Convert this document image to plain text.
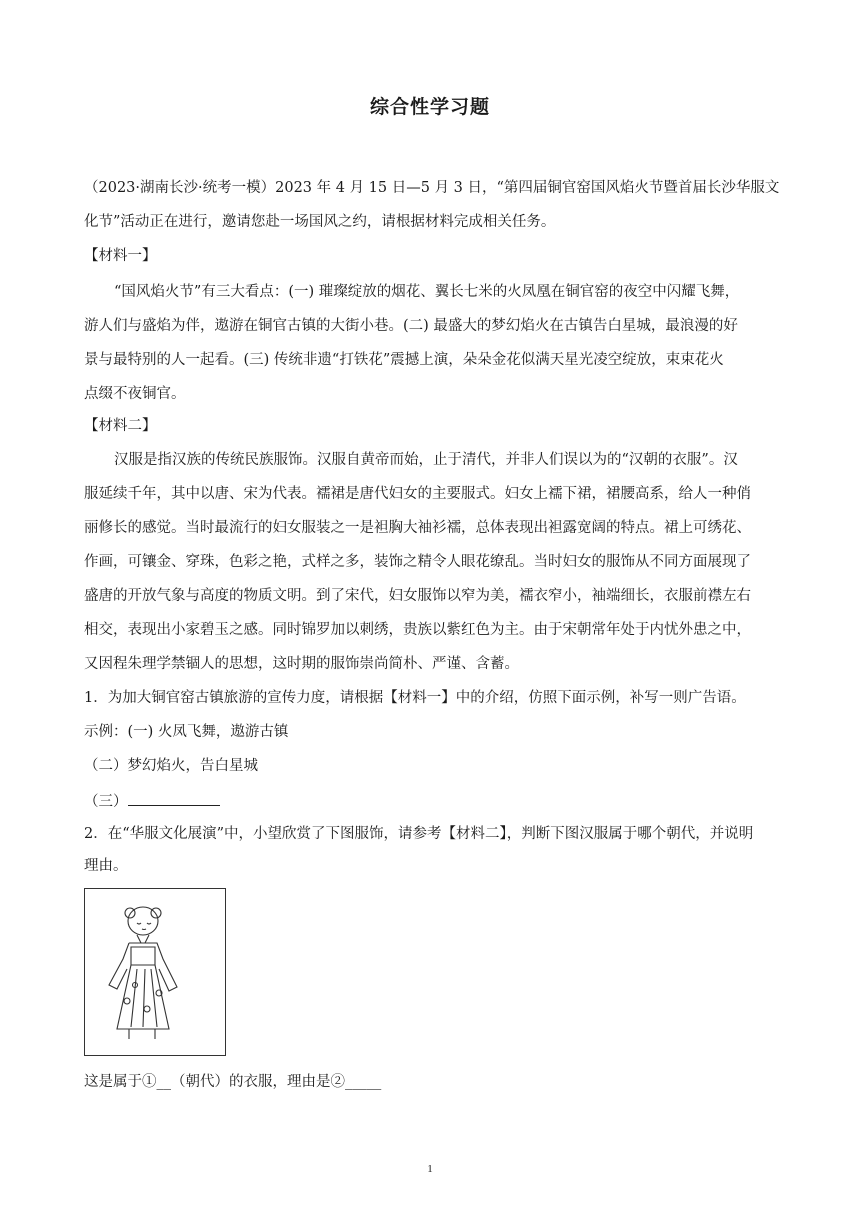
综合性学习题
（2023·湖南长沙·统考一模）2023 年 4 月 15 日—5 月 3 日，“第四届铜官窑国风焰火节暨首届长沙华服文
化节”活动正在进行，邀请您赴一场国风之约，请根据材料完成相关任务。
【材料一】
“国风焰火节”有三大看点：(一) 璀璨绽放的烟花、翼长七米的火凤凰在铜官窑的夜空中闪耀飞舞，
游人们与盛焰为伴，遨游在铜官古镇的大街小巷。(二) 最盛大的梦幻焰火在古镇告白星城，最浪漫的好
景与最特别的人一起看。(三) 传统非遗“打铁花”震撼上演，朵朵金花似满天星光凌空绽放，束束花火
点缀不夜铜官。
【材料二】
汉服是指汉族的传统民族服饰。汉服自黄帝而始，止于清代，并非人们误以为的“汉朝的衣服”。汉
服延续千年，其中以唐、宋为代表。襦裙是唐代妇女的主要服式。妇女上襦下裙，裙腰高系，给人一种俏
丽修长的感觉。当时最流行的妇女服装之一是袒胸大袖衫襦，总体表现出袒露宽阔的特点。裙上可绣花、
作画，可镶金、穿珠，色彩之艳，式样之多，装饰之精令人眼花缭乱。当时妇女的服饰从不同方面展现了
盛唐的开放气象与高度的物质文明。到了宋代，妇女服饰以窄为美，襦衣窄小，袖端细长，衣服前襟左右
相交，表现出小家碧玉之感。同时锦罗加以刺绣，贵族以紫红色为主。由于宋朝常年处于内忧外患之中，
又因程朱理学禁锢人的思想，这时期的服饰崇尚简朴、严谨、含蓄。
1．为加大铜官窑古镇旅游的宣传力度，请根据【材料一】中的介绍，仿照下面示例，补写一则广告语。
示例：(一) 火凤飞舞，遨游古镇
（二）梦幻焰火，告白星城
（三）
2．在“华服文化展演”中，小望欣赏了下图服饰，请参考【材料二】，判断下图汉服属于哪个朝代，并说明
理由。
这是属于①__（朝代）的衣服，理由是②_____
1
